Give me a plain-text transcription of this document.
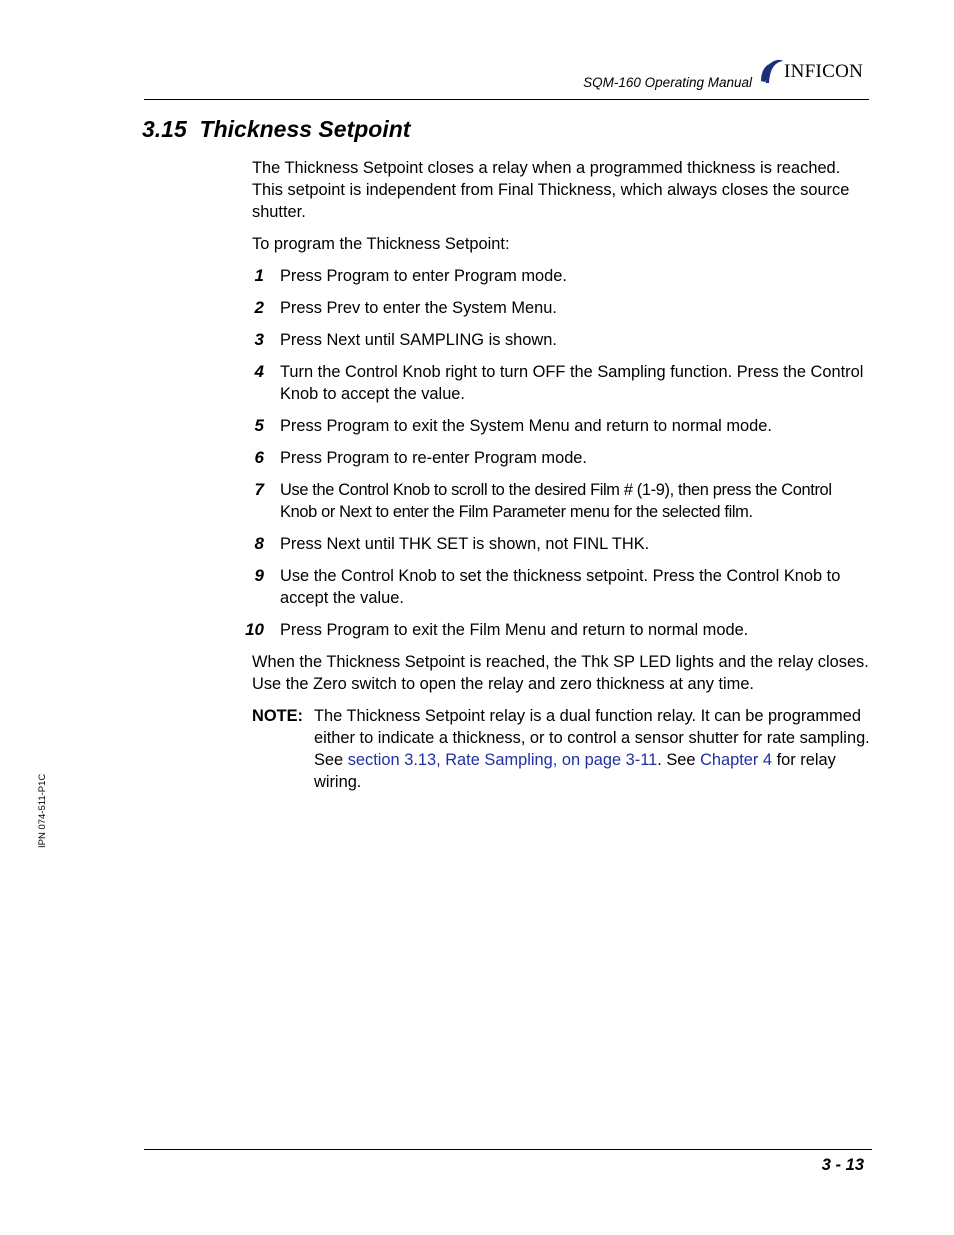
SQM-160 Operating Manual
INFICON
3.15 Thickness Setpoint

The Thickness Setpoint closes a relay when a programmed thickness is reached. This setpoint is independent from Final Thickness, which always closes the source shutter.

To program the Thickness Setpoint:

1 Press Program to enter Program mode.
2 Press Prev to enter the System Menu.
3 Press Next until SAMPLING is shown.
4 Turn the Control Knob right to turn OFF the Sampling function. Press the Control Knob to accept the value.
5 Press Program to exit the System Menu and return to normal mode.
6 Press Program to re-enter Program mode.
7 Use the Control Knob to scroll to the desired Film # (1-9), then press the Control Knob or Next to enter the Film Parameter menu for the selected film.
8 Press Next until THK SET is shown, not FINL THK.
9 Use the Control Knob to set the thickness setpoint. Press the Control Knob to accept the value.
10 Press Program to exit the Film Menu and return to normal mode.

When the Thickness Setpoint is reached, the Thk SP LED lights and the relay closes. Use the Zero switch to open the relay and zero thickness at any time.

NOTE: The Thickness Setpoint relay is a dual function relay. It can be programmed either to indicate a thickness, or to control a sensor shutter for rate sampling. See section 3.13, Rate Sampling, on page 3-11. See Chapter 4 for relay wiring.
IPN 074-511-P1C
3 - 13
